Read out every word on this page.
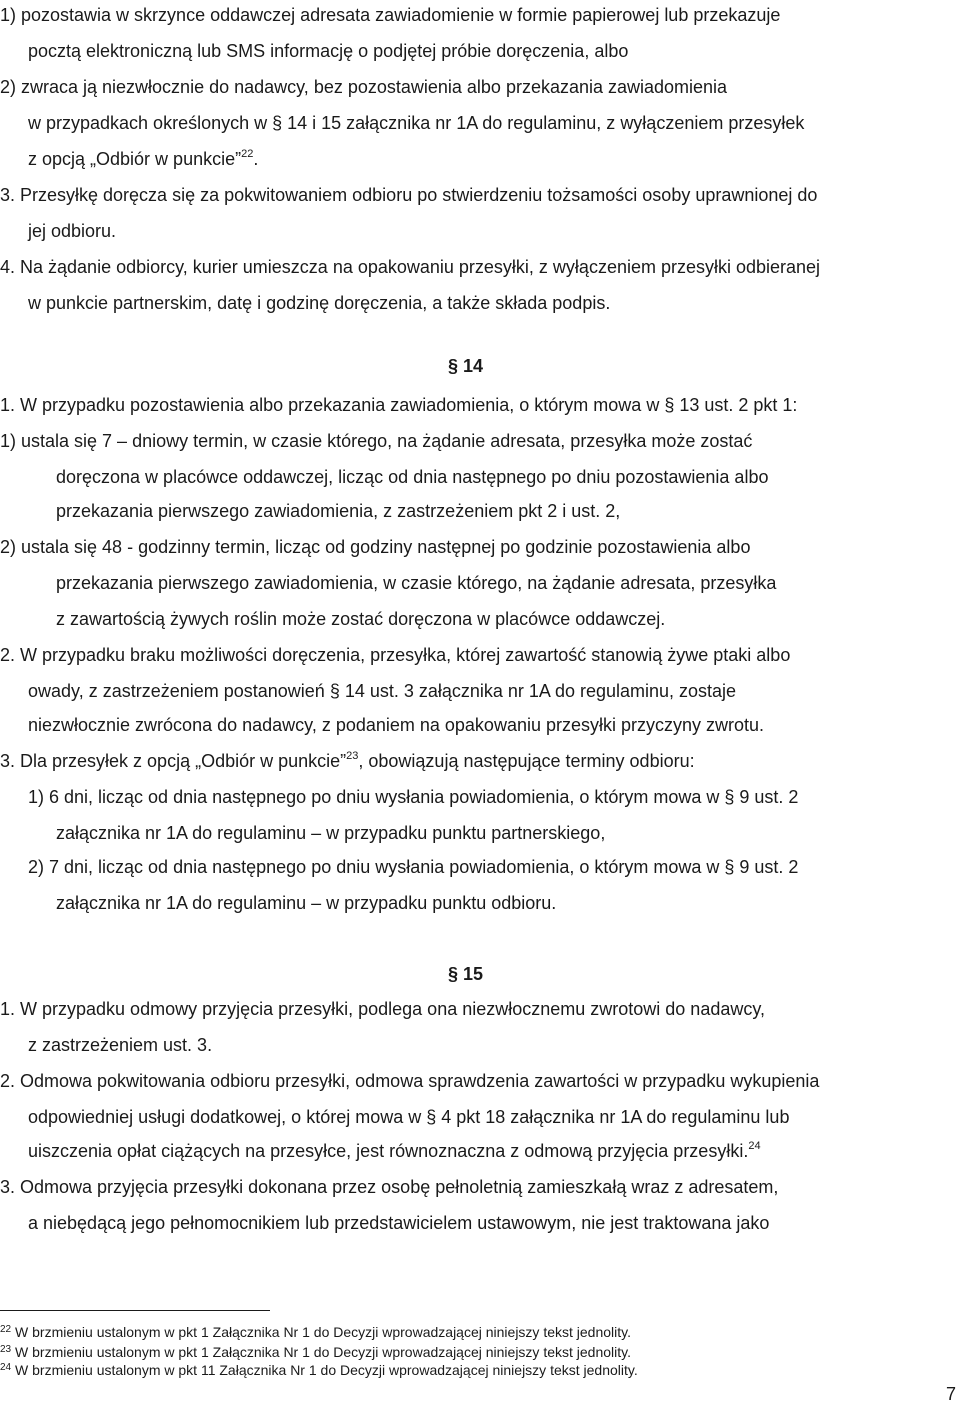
1) pozostawia w skrzynce oddawczej adresata zawiadomienie w formie papierowej lub przekazuje
pocztą elektroniczną lub SMS informację o podjętej próbie doręczenia, albo
2) zwraca ją niezwłocznie do nadawcy, bez pozostawienia albo przekazania zawiadomienia
w przypadkach określonych w § 14 i 15 załącznika nr 1A do regulaminu, z wyłączeniem przesyłek
z opcją „Odbiór w punkcie”$^{22}$.
3. Przesyłkę doręcza się za pokwitowaniem odbioru po stwierdzeniu tożsamości osoby uprawnionej do
jej odbioru.
4. Na żądanie odbiorcy, kurier umieszcza na opakowaniu przesyłki, z wyłączeniem przesyłki odbieranej
w punkcie partnerskim, datę i godzinę doręczenia, a także składa podpis.
§ 14
1. W przypadku pozostawienia albo przekazania zawiadomienia, o którym mowa w § 13 ust. 2 pkt 1:
1) ustala się 7 – dniowy termin, w czasie którego, na żądanie adresata, przesyłka może zostać
doręczona w placówce oddawczej, licząc od dnia następnego po dniu pozostawienia albo
przekazania pierwszego zawiadomienia, z zastrzeżeniem pkt 2 i ust. 2,
2) ustala się 48 - godzinny termin, licząc od godziny następnej po godzinie pozostawienia albo
przekazania pierwszego zawiadomienia, w czasie którego, na żądanie adresata, przesyłka
z zawartością żywych roślin może zostać doręczona w placówce oddawczej.
2. W przypadku braku możliwości doręczenia, przesyłka, której zawartość stanowią żywe ptaki albo
owady, z zastrzeżeniem postanowień § 14 ust. 3 załącznika nr 1A do regulaminu, zostaje
niezwłocznie zwrócona do nadawcy, z podaniem na opakowaniu przesyłki przyczyny zwrotu.
3. Dla przesyłek z opcją „Odbiór w punkcie”$^{23}$, obowiązują następujące terminy odbioru:
1) 6 dni, licząc od dnia następnego po dniu wysłania powiadomienia, o którym mowa w § 9 ust. 2
załącznika nr 1A do regulaminu – w przypadku punktu partnerskiego,
2) 7 dni, licząc od dnia następnego po dniu wysłania powiadomienia, o którym mowa w § 9 ust. 2
załącznika nr 1A do regulaminu – w przypadku punktu odbioru.
§ 15
1. W przypadku odmowy przyjęcia przesyłki, podlega ona niezwłocznemu zwrotowi do nadawcy,
z zastrzeżeniem ust. 3.
2. Odmowa pokwitowania odbioru przesyłki, odmowa sprawdzenia zawartości w przypadku wykupienia
odpowiedniej usługi dodatkowej, o której mowa w § 4 pkt 18 załącznika nr 1A do regulaminu lub
uiszczenia opłat ciążących na przesyłce, jest równoznaczna z odmową przyjęcia przesyłki.$^{24}$
3. Odmowa przyjęcia przesyłki dokonana przez osobę pełnoletnią zamieszkałą wraz z adresatem,
a niebędącą jego pełnomocnikiem lub przedstawicielem ustawowym, nie jest traktowana jako
$^{22}$ W brzmieniu ustalonym w pkt 1 Załącznika Nr 1 do Decyzji wprowadzającej niniejszy tekst jednolity.
$^{23}$ W brzmieniu ustalonym w pkt 1 Załącznika Nr 1 do Decyzji wprowadzającej niniejszy tekst jednolity.
$^{24}$ W brzmieniu ustalonym w pkt 11 Załącznika Nr 1 do Decyzji wprowadzającej niniejszy tekst jednolity.
7
